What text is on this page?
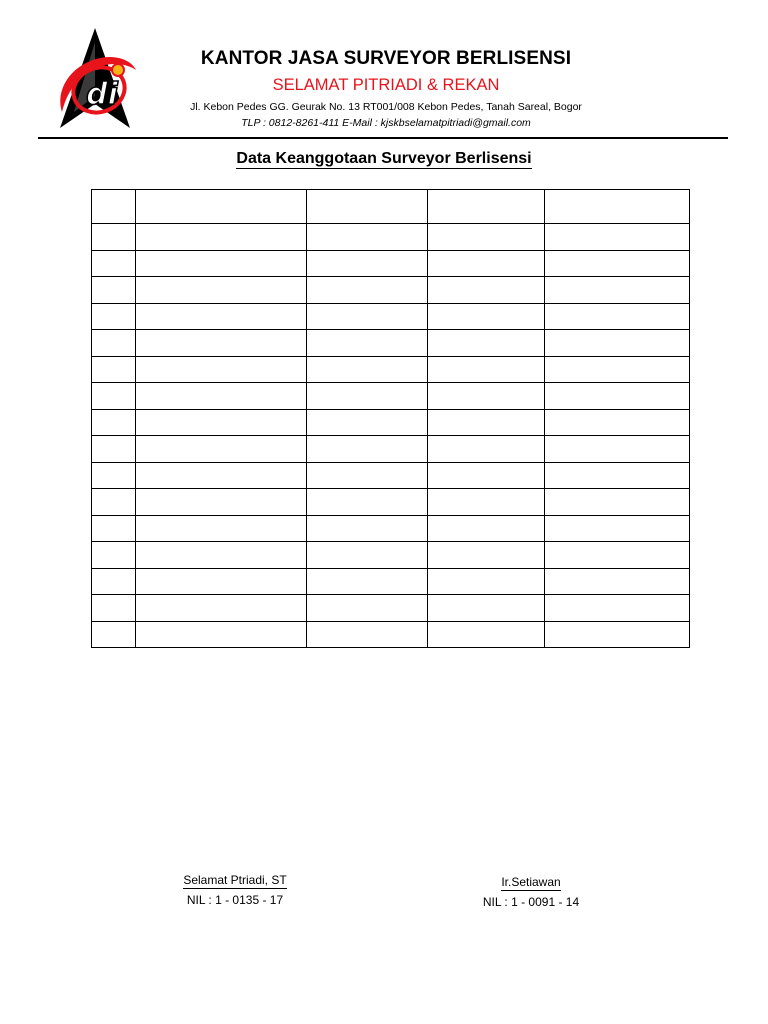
di
KANTOR JASA SURVEYOR BERLISENSI
SELAMAT PITRIADI & REKAN
Jl. Kebon Pedes GG. Geurak No. 13 RT001/008 Kebon Pedes, Tanah Sareal, Bogor
TLP : 0812-8261-411 E-Mail : kjskbselamatpitriadi@gmail.com
Data Keanggotaan Surveyor Berlisensi

Selamat Ptriadi, ST
NIL : 1 - 0135 - 17
Ir.Setiawan
NIL : 1 - 0091 - 14
